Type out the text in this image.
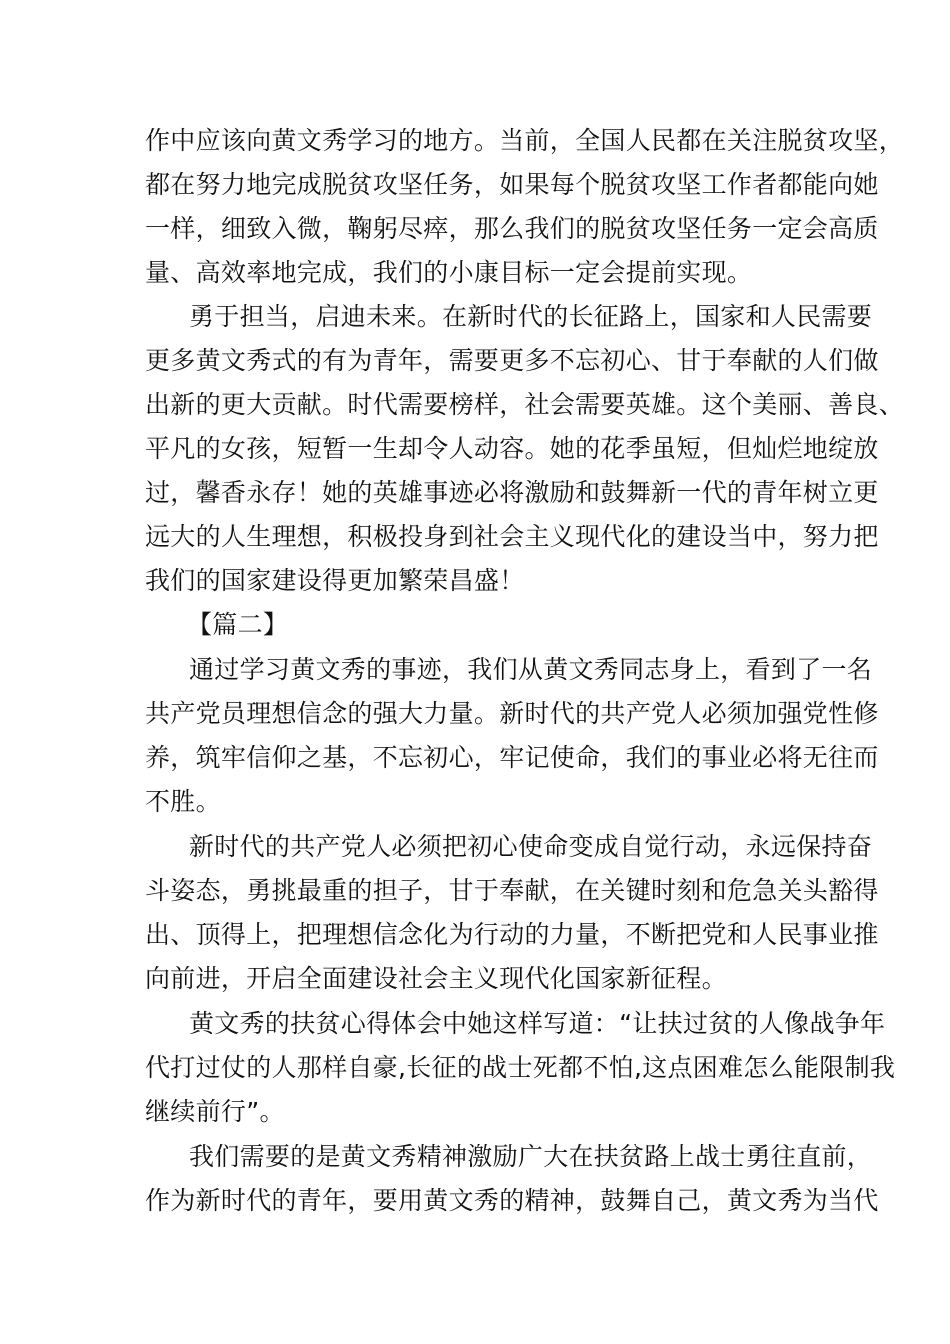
作中应该向黄文秀学习的地方。当前，全国人民都在关注脱贫攻坚，
都在努力地完成脱贫攻坚任务，如果每个脱贫攻坚工作者都能向她
一样，细致入微，鞠躬尽瘁，那么我们的脱贫攻坚任务一定会高质
量、高效率地完成，我们的小康目标一定会提前实现。
勇于担当，启迪未来。在新时代的长征路上，国家和人民需要
更多黄文秀式的有为青年，需要更多不忘初心、甘于奉献的人们做
出新的更大贡献。时代需要榜样，社会需要英雄。这个美丽、善良、
平凡的女孩，短暂一生却令人动容。她的花季虽短，但灿烂地绽放
过，馨香永存！她的英雄事迹必将激励和鼓舞新一代的青年树立更
远大的人生理想，积极投身到社会主义现代化的建设当中，努力把
我们的国家建设得更加繁荣昌盛！
【篇二】
通过学习黄文秀的事迹，我们从黄文秀同志身上，看到了一名
共产党员理想信念的强大力量。新时代的共产党人必须加强党性修
养，筑牢信仰之基，不忘初心，牢记使命，我们的事业必将无往而
不胜。
新时代的共产党人必须把初心使命变成自觉行动，永远保持奋
斗姿态，勇挑最重的担子，甘于奉献，在关键时刻和危急关头豁得
出、顶得上，把理想信念化为行动的力量，不断把党和人民事业推
向前进，开启全面建设社会主义现代化国家新征程。
黄文秀的扶贫心得体会中她这样写道：“让扶过贫的人像战争年
代打过仗的人那样自豪,长征的战士死都不怕,这点困难怎么能限制我
继续前行”。
我们需要的是黄文秀精神激励广大在扶贫路上战士勇往直前，
作为新时代的青年，要用黄文秀的精神，鼓舞自己，黄文秀为当代
